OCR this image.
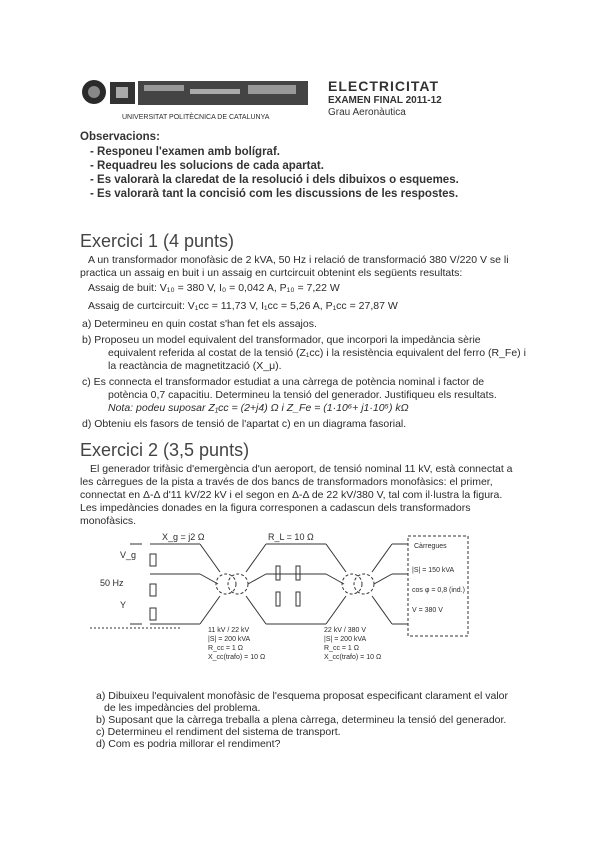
UNIVERSITAT POLITÈCNICA DE CATALUNYA
ELECTRICITAT
EXAMEN FINAL 2011-12
Grau Aeronàutica
Observacions:
- Responeu l'examen amb bolígraf.
- Requadreu les solucions de cada apartat.
- Es valorarà la claredat de la resolució i dels dibuixos o esquemes.
- Es valorarà tant la concisió com les discussions de les respostes.
Exercici 1 (4 punts)
A un transformador monofàsic de 2 kVA, 50 Hz i relació de transformació 380 V/220 V se li
practica un assaig en buit i un assaig en curtcircuit obtenint els següents resultats:
Assaig de buit: V₁₀ = 380 V, I₀ = 0,042 A, P₁₀ = 7,22 W
Assaig de curtcircuit: V₁cc = 11,73 V, I₁cc = 5,26 A, P₁cc = 27,87 W
a) Determineu en quin costat s'han fet els assajos.
b) Proposeu un model equivalent del transformador, que incorpori la impedància sèrie
equivalent referida al costat de la tensió (Z₁cc) i la resistència equivalent del ferro (R_Fe) i
la reactància de magnetització (X_μ).
c) Es connecta el transformador estudiat a una càrrega de potència nominal i factor de
potència 0,7 capacitiu. Determineu la tensió del generador. Justifiqueu els resultats.
Nota: podeu suposar Z₁cc = (2+j4) Ω i Z_Fe = (1·10⁶+ j1·10⁵) kΩ
d) Obteniu els fasors de tensió de l'apartat c) en un diagrama fasorial.
Exercici 2 (3,5 punts)
El generador trifàsic d'emergència d'un aeroport, de tensió nominal 11 kV, està connectat a
les càrregues de la pista a través de dos bancs de transformadors monofàsics: el primer,
connectat en Δ-Δ d'11 kV/22 kV i el segon en Δ-Δ de 22 kV/380 V, tal com il·lustra la figura.
Les impedàncies donades en la figura corresponen a cadascun dels transformadors
monofàsics.
V_g
50 Hz
Y
X_g = j2 Ω	R_L = 10 Ω
11 kV / 22 kV
|S| = 200 kVA
R_cc = 1 Ω
X_cc(trafo) = 10 Ω
22 kV / 380 V
|S| = 200 kVA
R_cc = 1 Ω
X_cc(trafo) = 10 Ω
Càrregues
|S| = 150 kVA
cos φ = 0,8 (ind.)
V = 380 V
a) Dibuixeu l'equivalent monofàsic de l'esquema proposat especificant clarament el valor
de les impedàncies del problema.
b) Suposant que la càrrega treballa a plena càrrega, determineu la tensió del generador.
c) Determineu el rendiment del sistema de transport.
d) Com es podria millorar el rendiment?
